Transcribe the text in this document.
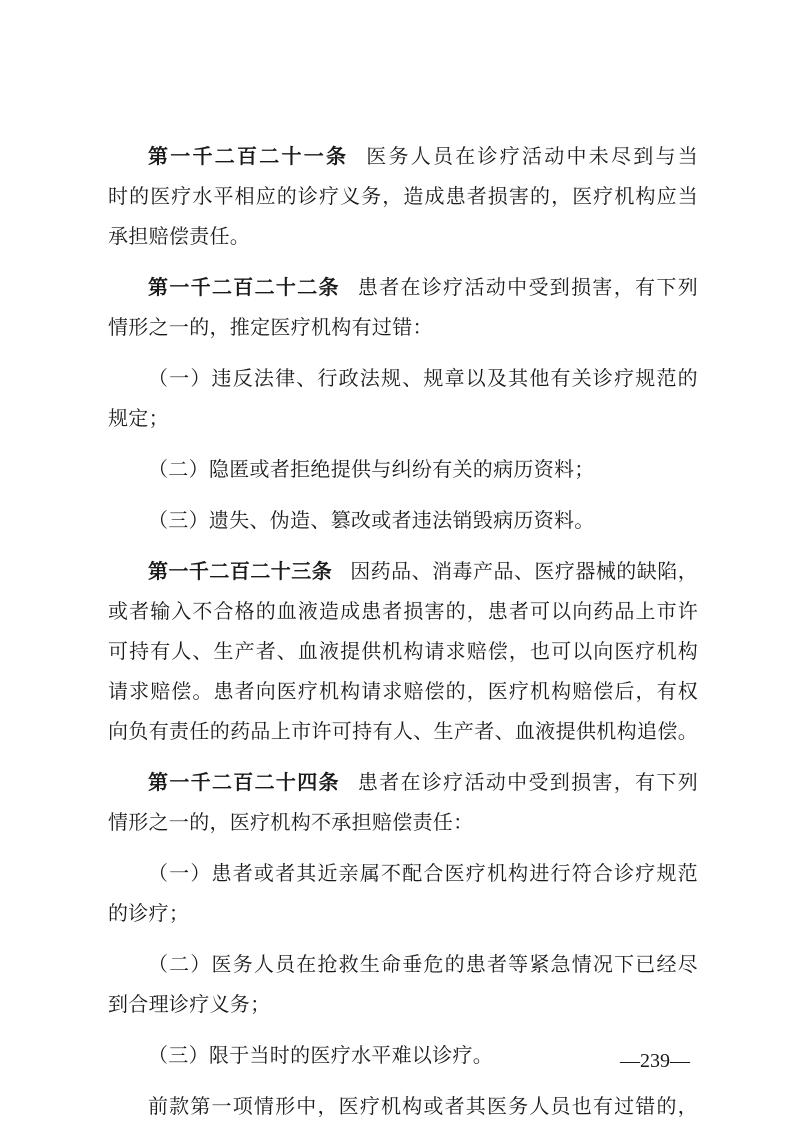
第一千二百二十一条 医务人员在诊疗活动中未尽到与当
时的医疗水平相应的诊疗义务，造成患者损害的，医疗机构应当
承担赔偿责任。
第一千二百二十二条 患者在诊疗活动中受到损害，有下列
情形之一的，推定医疗机构有过错：
（一）违反法律、行政法规、规章以及其他有关诊疗规范的
规定；
（二）隐匿或者拒绝提供与纠纷有关的病历资料；
（三）遗失、伪造、篡改或者违法销毁病历资料。
第一千二百二十三条 因药品、消毒产品、医疗器械的缺陷，
或者输入不合格的血液造成患者损害的，患者可以向药品上市许
可持有人、生产者、血液提供机构请求赔偿，也可以向医疗机构
请求赔偿。患者向医疗机构请求赔偿的，医疗机构赔偿后，有权
向负有责任的药品上市许可持有人、生产者、血液提供机构追偿。
第一千二百二十四条 患者在诊疗活动中受到损害，有下列
情形之一的，医疗机构不承担赔偿责任：
（一）患者或者其近亲属不配合医疗机构进行符合诊疗规范
的诊疗；
（二）医务人员在抢救生命垂危的患者等紧急情况下已经尽
到合理诊疗义务；
（三）限于当时的医疗水平难以诊疗。
前款第一项情形中，医疗机构或者其医务人员也有过错的，
—239—
